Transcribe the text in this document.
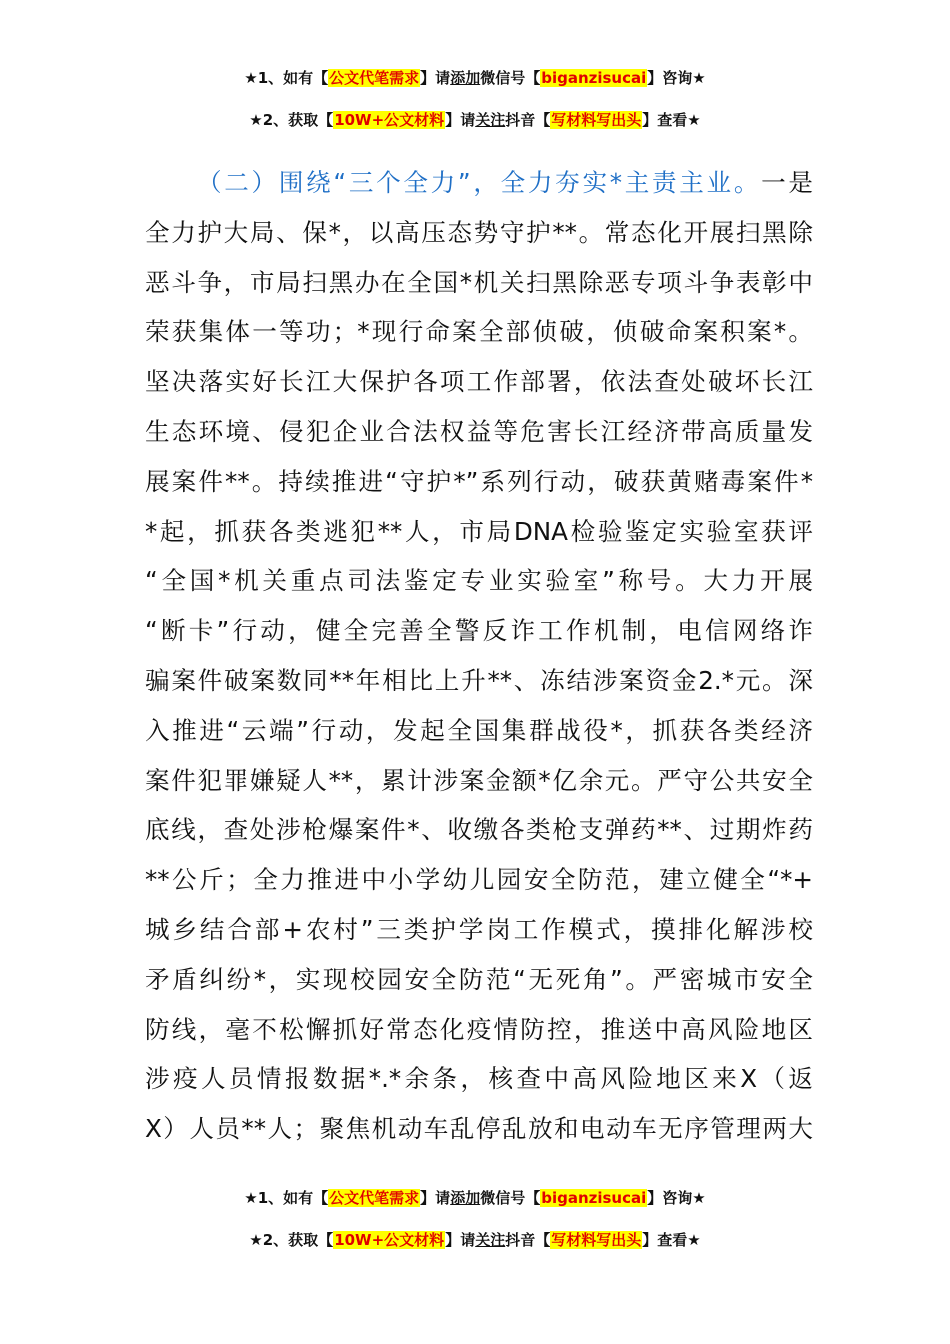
★1、如有【公文代笔需求】请添加微信号【biganzisucai】咨询★
★2、获取【10W+公文材料】请关注抖音【写材料写出头】查看★
（二）围绕“三个全力”，全力夯实*主责主业。一是
全力护大局、保*，以高压态势守护**。常态化开展扫黑除
恶斗争，市局扫黑办在全国*机关扫黑除恶专项斗争表彰中
荣获集体一等功；*现行命案全部侦破，侦破命案积案*。
坚决落实好长江大保护各项工作部署，依法查处破坏长江
生态环境、侵犯企业合法权益等危害长江经济带高质量发
展案件**。持续推进“守护*”系列行动，破获黄赌毒案件*
*起，抓获各类逃犯**人，市局DNA检验鉴定实验室获评
“全国*机关重点司法鉴定专业实验室”称号。大力开展
“断卡”行动，健全完善全警反诈工作机制，电信网络诈
骗案件破案数同**年相比上升**、冻结涉案资金2.*元。深
入推进“云端”行动，发起全国集群战役*，抓获各类经济
案件犯罪嫌疑人**，累计涉案金额*亿余元。严守公共安全
底线，查处涉枪爆案件*、收缴各类枪支弹药**、过期炸药
**公斤；全力推进中小学幼儿园安全防范，建立健全“*+
城乡结合部+农村”三类护学岗工作模式，摸排化解涉校
矛盾纠纷*，实现校园安全防范“无死角”。严密城市安全
防线，毫不松懈抓好常态化疫情防控，推送中高风险地区
涉疫人员情报数据*.*余条，核查中高风险地区来X（返
X）人员**人；聚焦机动车乱停乱放和电动车无序管理两大
★1、如有【公文代笔需求】请添加微信号【biganzisucai】咨询★
★2、获取【10W+公文材料】请关注抖音【写材料写出头】查看★
